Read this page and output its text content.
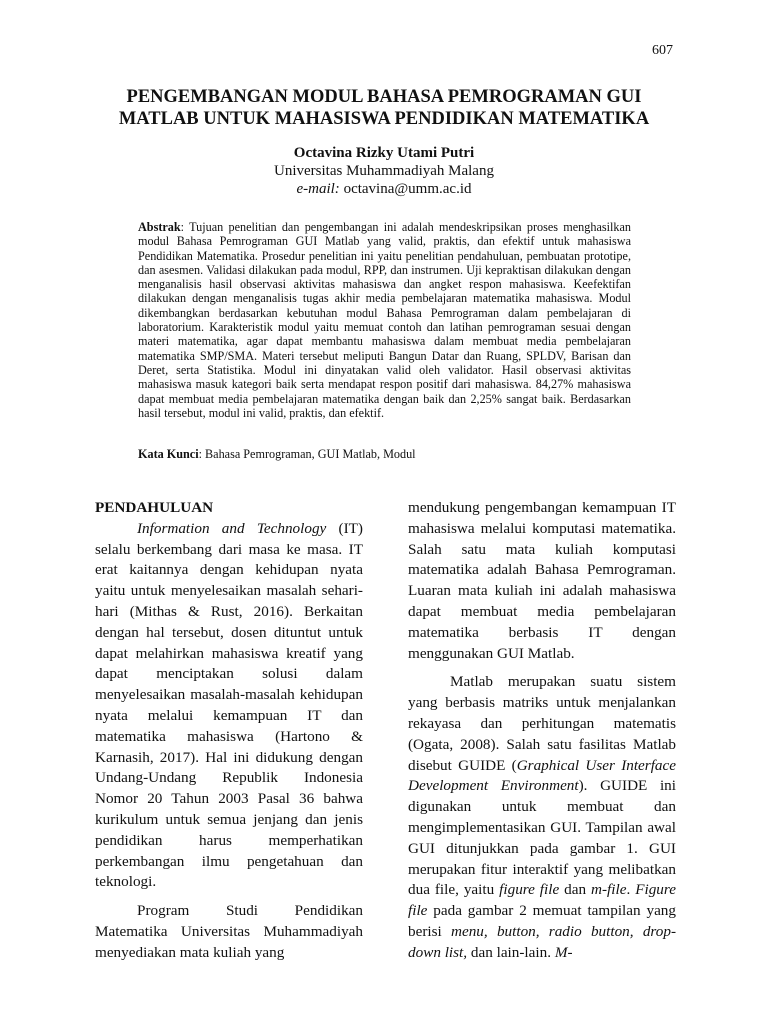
607
PENGEMBANGAN MODUL BAHASA PEMROGRAMAN GUI
MATLAB UNTUK MAHASISWA PENDIDIKAN MATEMATIKA
Octavina Rizky Utami Putri
Universitas Muhammadiyah Malang
e-mail: octavina@umm.ac.id
Abstrak: Tujuan penelitian dan pengembangan ini adalah mendeskripsikan proses menghasilkan modul Bahasa Pemrograman GUI Matlab yang valid, praktis, dan efektif untuk mahasiswa Pendidikan Matematika. Prosedur penelitian ini yaitu penelitian pendahuluan, pembuatan prototipe, dan asesmen. Validasi dilakukan pada modul, RPP, dan instrumen. Uji kepraktisan dilakukan dengan menganalisis hasil observasi aktivitas mahasiswa dan angket respon mahasiswa. Keefektifan dilakukan dengan menganalisis tugas akhir media pembelajaran matematika mahasiswa. Modul dikembangkan berdasarkan kebutuhan modul Bahasa Pemrograman dalam pembelajaran di laboratorium. Karakteristik modul yaitu memuat contoh dan latihan pemrograman sesuai dengan materi matematika, agar dapat membantu mahasiswa dalam membuat media pembelajaran matematika SMP/SMA. Materi tersebut meliputi Bangun Datar dan Ruang, SPLDV, Barisan dan Deret, serta Statistika. Modul ini dinyatakan valid oleh validator. Hasil observasi aktivitas mahasiswa masuk kategori baik serta mendapat respon positif dari mahasiswa. 84,27% mahasiswa dapat membuat media pembelajaran matematika dengan baik dan 2,25% sangat baik. Berdasarkan hasil tersebut, modul ini valid, praktis, dan efektif.
Kata Kunci: Bahasa Pemrograman, GUI Matlab, Modul

PENDAHULUAN

Information and Technology (IT) selalu berkembang dari masa ke masa. IT erat kaitannya dengan kehidupan nyata yaitu untuk menyelesaikan masalah sehari-hari (Mithas & Rust, 2016). Berkaitan dengan hal tersebut, dosen dituntut untuk dapat melahirkan mahasiswa kreatif yang dapat menciptakan solusi dalam menyelesaikan masalah-masalah kehidupan nyata melalui kemampuan IT dan matematika mahasiswa (Hartono & Karnasih, 2017). Hal ini didukung dengan Undang-Undang Republik Indonesia Nomor 20 Tahun 2003 Pasal 36 bahwa kurikulum untuk semua jenjang dan jenis pendidikan harus memperhatikan perkembangan ilmu pengetahuan dan teknologi.

Program Studi Pendidikan Matematika Universitas Muhammadiyah menyediakan mata kuliah yang

mendukung pengembangan kemampuan IT mahasiswa melalui komputasi matematika. Salah satu mata kuliah komputasi matematika adalah Bahasa Pemrograman. Luaran mata kuliah ini adalah mahasiswa dapat membuat media pembelajaran matematika berbasis IT dengan menggunakan GUI Matlab.

Matlab merupakan suatu sistem yang berbasis matriks untuk menjalankan rekayasa dan perhitungan matematis (Ogata, 2008). Salah satu fasilitas Matlab disebut GUIDE (Graphical User Interface Development Environment). GUIDE ini digunakan untuk membuat dan mengimplementasikan GUI. Tampilan awal GUI ditunjukkan pada gambar 1. GUI merupakan fitur interaktif yang melibatkan dua file, yaitu figure file dan m-file. Figure file pada gambar 2 memuat tampilan yang berisi menu, button, radio button, drop-down list, dan lain-lain. M-
